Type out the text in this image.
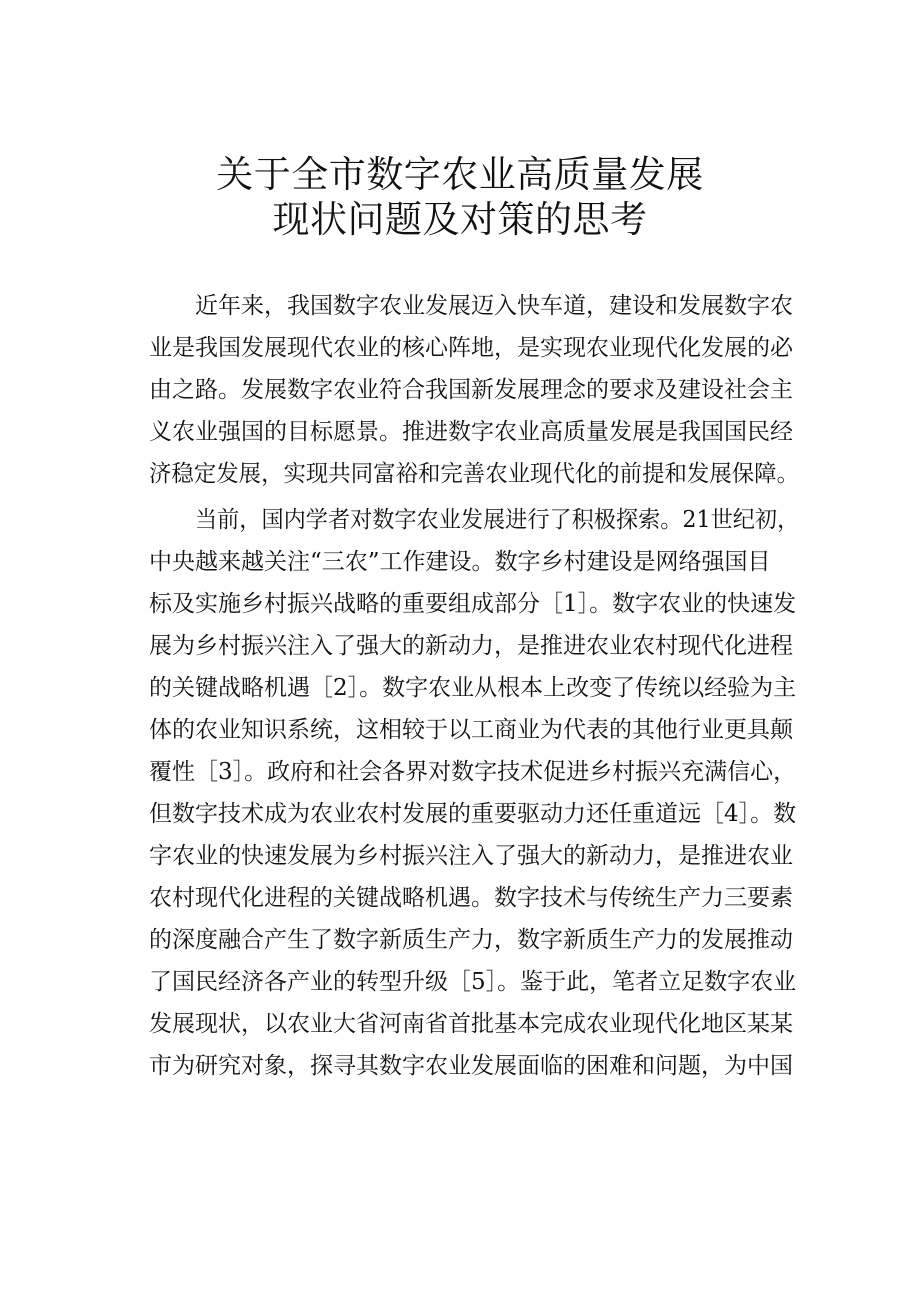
关于全市数字农业高质量发展
现状问题及对策的思考
近年来，我国数字农业发展迈入快车道，建设和发展数字农
业是我国发展现代农业的核心阵地，是实现农业现代化发展的必
由之路。发展数字农业符合我国新发展理念的要求及建设社会主
义农业强国的目标愿景。推进数字农业高质量发展是我国国民经
济稳定发展，实现共同富裕和完善农业现代化的前提和发展保障。
当前，国内学者对数字农业发展进行了积极探索。21世纪初，
中央越来越关注“三农”工作建设。数字乡村建设是网络强国目
标及实施乡村振兴战略的重要组成部分［1］。数字农业的快速发
展为乡村振兴注入了强大的新动力，是推进农业农村现代化进程
的关键战略机遇［2］。数字农业从根本上改变了传统以经验为主
体的农业知识系统，这相较于以工商业为代表的其他行业更具颠
覆性［3］。政府和社会各界对数字技术促进乡村振兴充满信心，
但数字技术成为农业农村发展的重要驱动力还任重道远［4］。数
字农业的快速发展为乡村振兴注入了强大的新动力，是推进农业
农村现代化进程的关键战略机遇。数字技术与传统生产力三要素
的深度融合产生了数字新质生产力，数字新质生产力的发展推动
了国民经济各产业的转型升级［5］。鉴于此，笔者立足数字农业
发展现状，以农业大省河南省首批基本完成农业现代化地区某某
市为研究对象，探寻其数字农业发展面临的困难和问题，为中国
